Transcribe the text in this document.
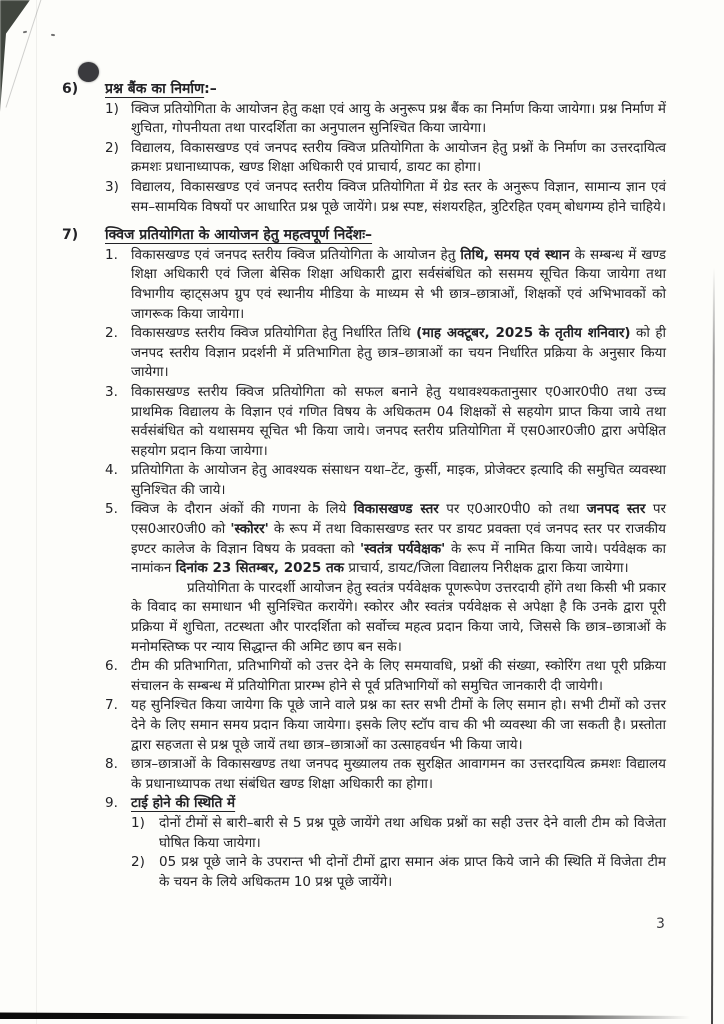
6)	प्रश्न बैंक का निर्माण :–
1) क्विज प्रतियोगिता के आयोजन हेतु कक्षा एवं आयु के अनुरूप प्रश्न बैंक का निर्माण किया जायेगा। प्रश्न निर्माण में शुचिता, गोपनीयता तथा पारदर्शिता का अनुपालन सुनिश्चित किया जायेगा।
2) विद्यालय, विकासखण्ड एवं जनपद स्तरीय क्विज प्रतियोगिता के आयोजन हेतु प्रश्नों के निर्माण का उत्तरदायित्व क्रमशः प्रधानाध्यापक, खण्ड शिक्षा अधिकारी एवं प्राचार्य, डायट का होगा।
3) विद्यालय, विकासखण्ड एवं जनपद स्तरीय क्विज प्रतियोगिता में ग्रेड स्तर के अनुरूप विज्ञान, सामान्य ज्ञान एवं सम–सामयिक विषयों पर आधारित प्रश्न पूछे जायेंगे। प्रश्न स्पष्ट, संशयरहित, त्रुटिरहित एवम् बोधगम्य होने चाहिये।
7)	क्विज प्रतियोगिता के आयोजन हेतु महत्वपूर्ण निर्देशः–
1. विकासखण्ड एवं जनपद स्तरीय क्विज प्रतियोगिता के आयोजन हेतु तिथि, समय एवं स्थान के सम्बन्ध में खण्ड शिक्षा अधिकारी एवं जिला बेसिक शिक्षा अधिकारी द्वारा सर्वसंबंधित को ससमय सूचित किया जायेगा तथा विभागीय व्हाट्सअप ग्रुप एवं स्थानीय मीडिया के माध्यम से भी छात्र–छात्राओं, शिक्षकों एवं अभिभावकों को जागरूक किया जायेगा।
2. विकासखण्ड स्तरीय क्विज प्रतियोगिता हेतु निर्धारित तिथि (माह अक्टूबर, 2025 के तृतीय शनिवार) को ही जनपद स्तरीय विज्ञान प्रदर्शनी में प्रतिभागिता हेतु छात्र–छात्राओं का चयन निर्धारित प्रक्रिया के अनुसार किया जायेगा।
3. विकासखण्ड स्तरीय क्विज प्रतियोगिता को सफल बनाने हेतु यथावश्यकतानुसार ए0आर0पी0 तथा उच्च प्राथमिक विद्यालय के विज्ञान एवं गणित विषय के अधिकतम 04 शिक्षकों से सहयोग प्राप्त किया जाये तथा सर्वसंबंधित को यथासमय सूचित भी किया जाये। जनपद स्तरीय प्रतियोगिता में एस0आर0जी0 द्वारा अपेक्षित सहयोग प्रदान किया जायेगा।
4. प्रतियोगिता के आयोजन हेतु आवश्यक संसाधन यथा–टेंट, कुर्सी, माइक, प्रोजेक्टर इत्यादि की समुचित व्यवस्था सुनिश्चित की जाये।
5. क्विज के दौरान अंकों की गणना के लिये विकासखण्ड स्तर पर ए0आर0पी0 को तथा जनपद स्तर पर एस0आर0जी0 को 'स्कोरर' के रूप में तथा विकासखण्ड स्तर पर डायट प्रवक्ता एवं जनपद स्तर पर राजकीय इण्टर कालेज के विज्ञान विषय के प्रवक्ता को 'स्वतंत्र पर्यवेक्षक' के रूप में नामित किया जाये। पर्यवेक्षक का नामांकन दिनांक 23 सितम्बर, 2025 तक प्राचार्य, डायट/जिला विद्यालय निरीक्षक द्वारा किया जायेगा।
प्रतियोगिता के पारदर्शी आयोजन हेतु स्वतंत्र पर्यवेक्षक पूणरूपेण उत्तरदायी होंगे तथा किसी भी प्रकार के विवाद का समाधान भी सुनिश्चित करायेंगे। स्कोरर और स्वतंत्र पर्यवेक्षक से अपेक्षा है कि उनके द्वारा पूरी प्रक्रिया में शुचिता, तटस्थता और पारदर्शिता को सर्वोच्च महत्व प्रदान किया जाये, जिससे कि छात्र–छात्राओं के मनोमस्तिष्क पर न्याय सिद्धान्त की अमिट छाप बन सके।
6. टीम की प्रतिभागिता, प्रतिभागियों को उत्तर देने के लिए समयावधि, प्रश्नों की संख्या, स्कोरिंग तथा पूरी प्रक्रिया संचालन के सम्बन्ध में प्रतियोगिता प्रारम्भ होने से पूर्व प्रतिभागियों को समुचित जानकारी दी जायेगी।
7. यह सुनिश्चित किया जायेगा कि पूछे जाने वाले प्रश्न का स्तर सभी टीमों के लिए समान हो। सभी टीमों को उत्तर देने के लिए समान समय प्रदान किया जायेगा। इसके लिए स्टॉप वाच की भी व्यवस्था की जा सकती है। प्रस्तोता द्वारा सहजता से प्रश्न पूछे जायें तथा छात्र–छात्राओं का उत्साहवर्धन भी किया जाये।
8. छात्र–छात्राओं के विकासखण्ड तथा जनपद मुख्यालय तक सुरक्षित आवागमन का उत्तरदायित्व क्रमशः विद्यालय के प्रधानाध्यापक तथा संबंधित खण्ड शिक्षा अधिकारी का होगा।
9. टाई होने की स्थिति में
1)	दोनों टीमों से बारी–बारी से 5 प्रश्न पूछे जायेंगे तथा अधिक प्रश्नों का सही उत्तर देने वाली टीम को विजेता घोषित किया जायेगा।
2)	05 प्रश्न पूछे जाने के उपरान्त भी दोनों टीमों द्वारा समान अंक प्राप्त किये जाने की स्थिति में विजेता टीम के चयन के लिये अधिकतम 10 प्रश्न पूछे जायेंगे।
3
